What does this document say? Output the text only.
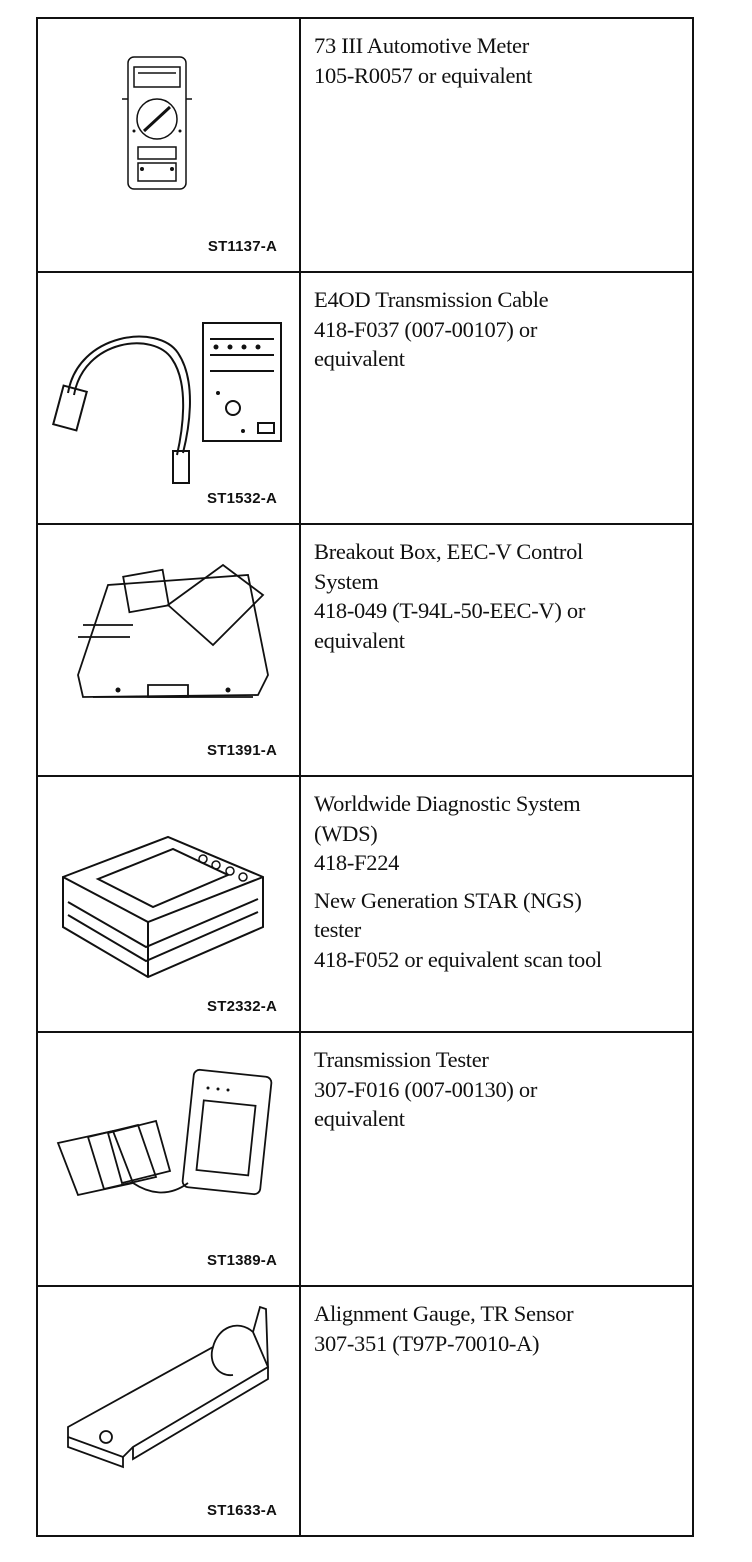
ST1137-A
73 III Automotive Meter
105-R0057 or equivalent
ST1532-A
E4OD Transmission Cable
418-F037 (007-00107) or
equivalent
ST1391-A
Breakout Box, EEC-V Control
System
418-049 (T-94L-50-EEC-V) or
equivalent
ST2332-A
Worldwide Diagnostic System
(WDS)
418-F224
New Generation STAR (NGS)
tester
418-F052 or equivalent scan tool
ST1389-A
Transmission Tester
307-F016 (007-00130) or
equivalent
ST1633-A
Alignment Gauge, TR Sensor
307-351 (T97P-70010-A)
